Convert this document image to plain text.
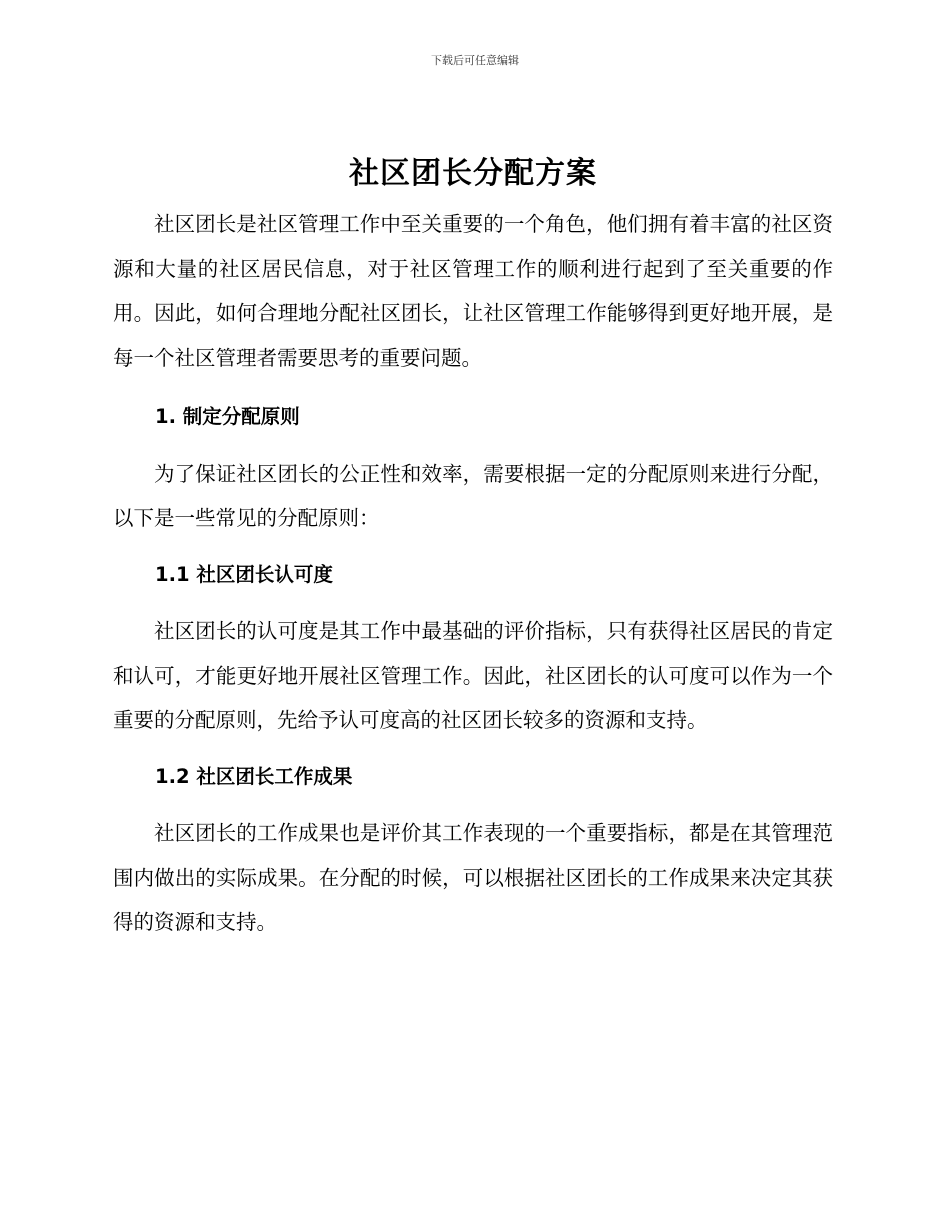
下载后可任意编辑
社区团长分配方案

社区团长是社区管理工作中至关重要的一个角色，他们拥有着丰富的社区资源和大量的社区居民信息，对于社区管理工作的顺利进行起到了至关重要的作用。因此，如何合理地分配社区团长，让社区管理工作能够得到更好地开展，是每一个社区管理者需要思考的重要问题。

1. 制定分配原则

为了保证社区团长的公正性和效率，需要根据一定的分配原则来进行分配，以下是一些常见的分配原则：

1.1 社区团长认可度

社区团长的认可度是其工作中最基础的评价指标，只有获得社区居民的肯定和认可，才能更好地开展社区管理工作。因此，社区团长的认可度可以作为一个重要的分配原则，先给予认可度高的社区团长较多的资源和支持。

1.2 社区团长工作成果

社区团长的工作成果也是评价其工作表现的一个重要指标，都是在其管理范围内做出的实际成果。在分配的时候，可以根据社区团长的工作成果来决定其获得的资源和支持。
